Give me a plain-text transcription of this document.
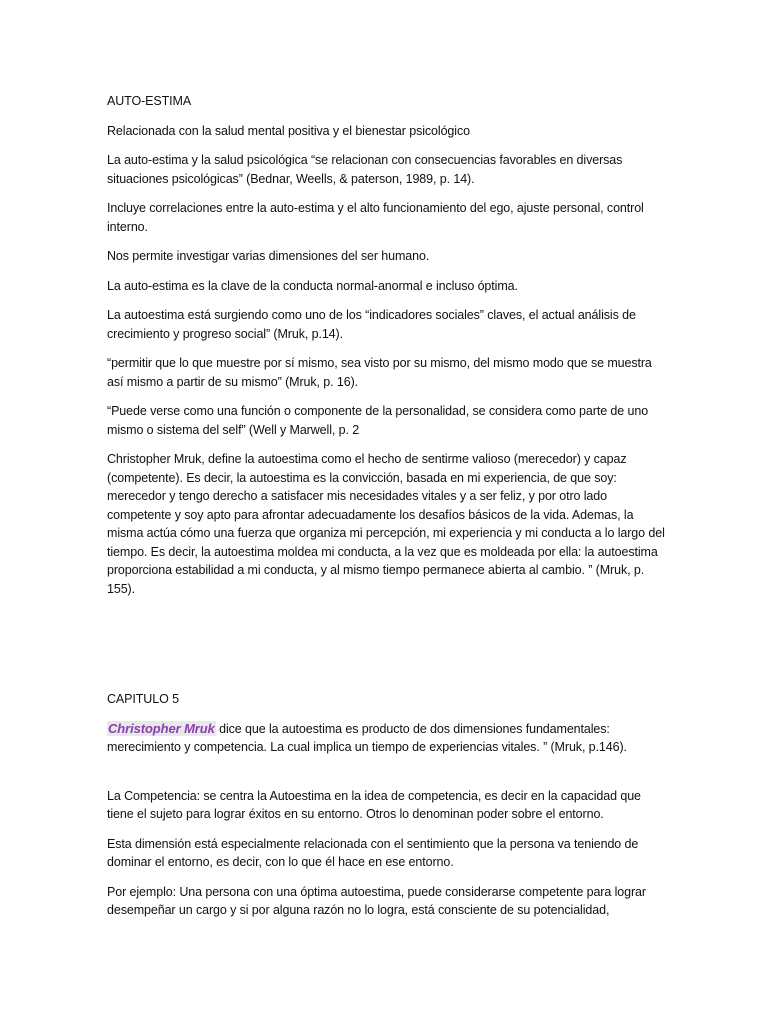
AUTO-ESTIMA
Relacionada con la salud mental positiva y el bienestar psicológico
La auto-estima y la salud psicológica “se relacionan con consecuencias favorables en diversas situaciones psicológicas” (Bednar, Weells, & paterson, 1989, p. 14).
Incluye correlaciones entre la auto-estima y el alto funcionamiento del ego, ajuste personal, control interno.
Nos permite investigar varias dimensiones del ser humano.
La auto-estima es la clave de la conducta normal-anormal e incluso óptima.
La autoestima está surgiendo como uno de los “indicadores sociales” claves, el actual análisis de crecimiento y progreso social” (Mruk, p.14).
“permitir que lo que muestre por sí mismo, sea visto por su mismo, del mismo modo que se muestra así mismo a partir de su mismo” (Mruk, p. 16).
“Puede verse como una función o componente de la personalidad, se considera como parte de uno mismo o sistema del self” (Well y Marwell, p. 2
Christopher Mruk, define la autoestima como el hecho de sentirme valioso (merecedor) y capaz (competente). Es decir, la autoestima es la convicción, basada en mi experiencia, de que soy: merecedor y tengo derecho a satisfacer mis necesidades vitales y a ser feliz, y por otro lado competente y soy apto para afrontar adecuadamente los desafíos básicos de la vida. Ademas, la misma actúa cómo una fuerza que organiza mi percepción, mi experiencia y mi conducta a lo largo del tiempo. Es decir, la autoestima moldea mi conducta, a la vez que es moldeada por ella: la autoestima proporciona estabilidad a mi conducta, y al mismo tiempo permanece abierta al cambio. ” (Mruk, p. 155).
CAPITULO 5
Christopher Mruk dice que la autoestima es producto de dos dimensiones fundamentales: merecimiento y competencia. La cual implica un tiempo de experiencias vitales. ” (Mruk, p.146).
La Competencia: se centra la Autoestima en la idea de competencia, es decir en la capacidad que tiene el sujeto para lograr éxitos en su entorno. Otros lo denominan poder sobre el entorno.
Esta dimensión está especialmente relacionada con el sentimiento que la persona va teniendo de dominar el entorno, es decir, con lo que él hace en ese entorno.
Por ejemplo: Una persona con una óptima autoestima, puede considerarse competente para lograr desempeñar un cargo y si por alguna razón no lo logra, está consciente de su potencialidad,
